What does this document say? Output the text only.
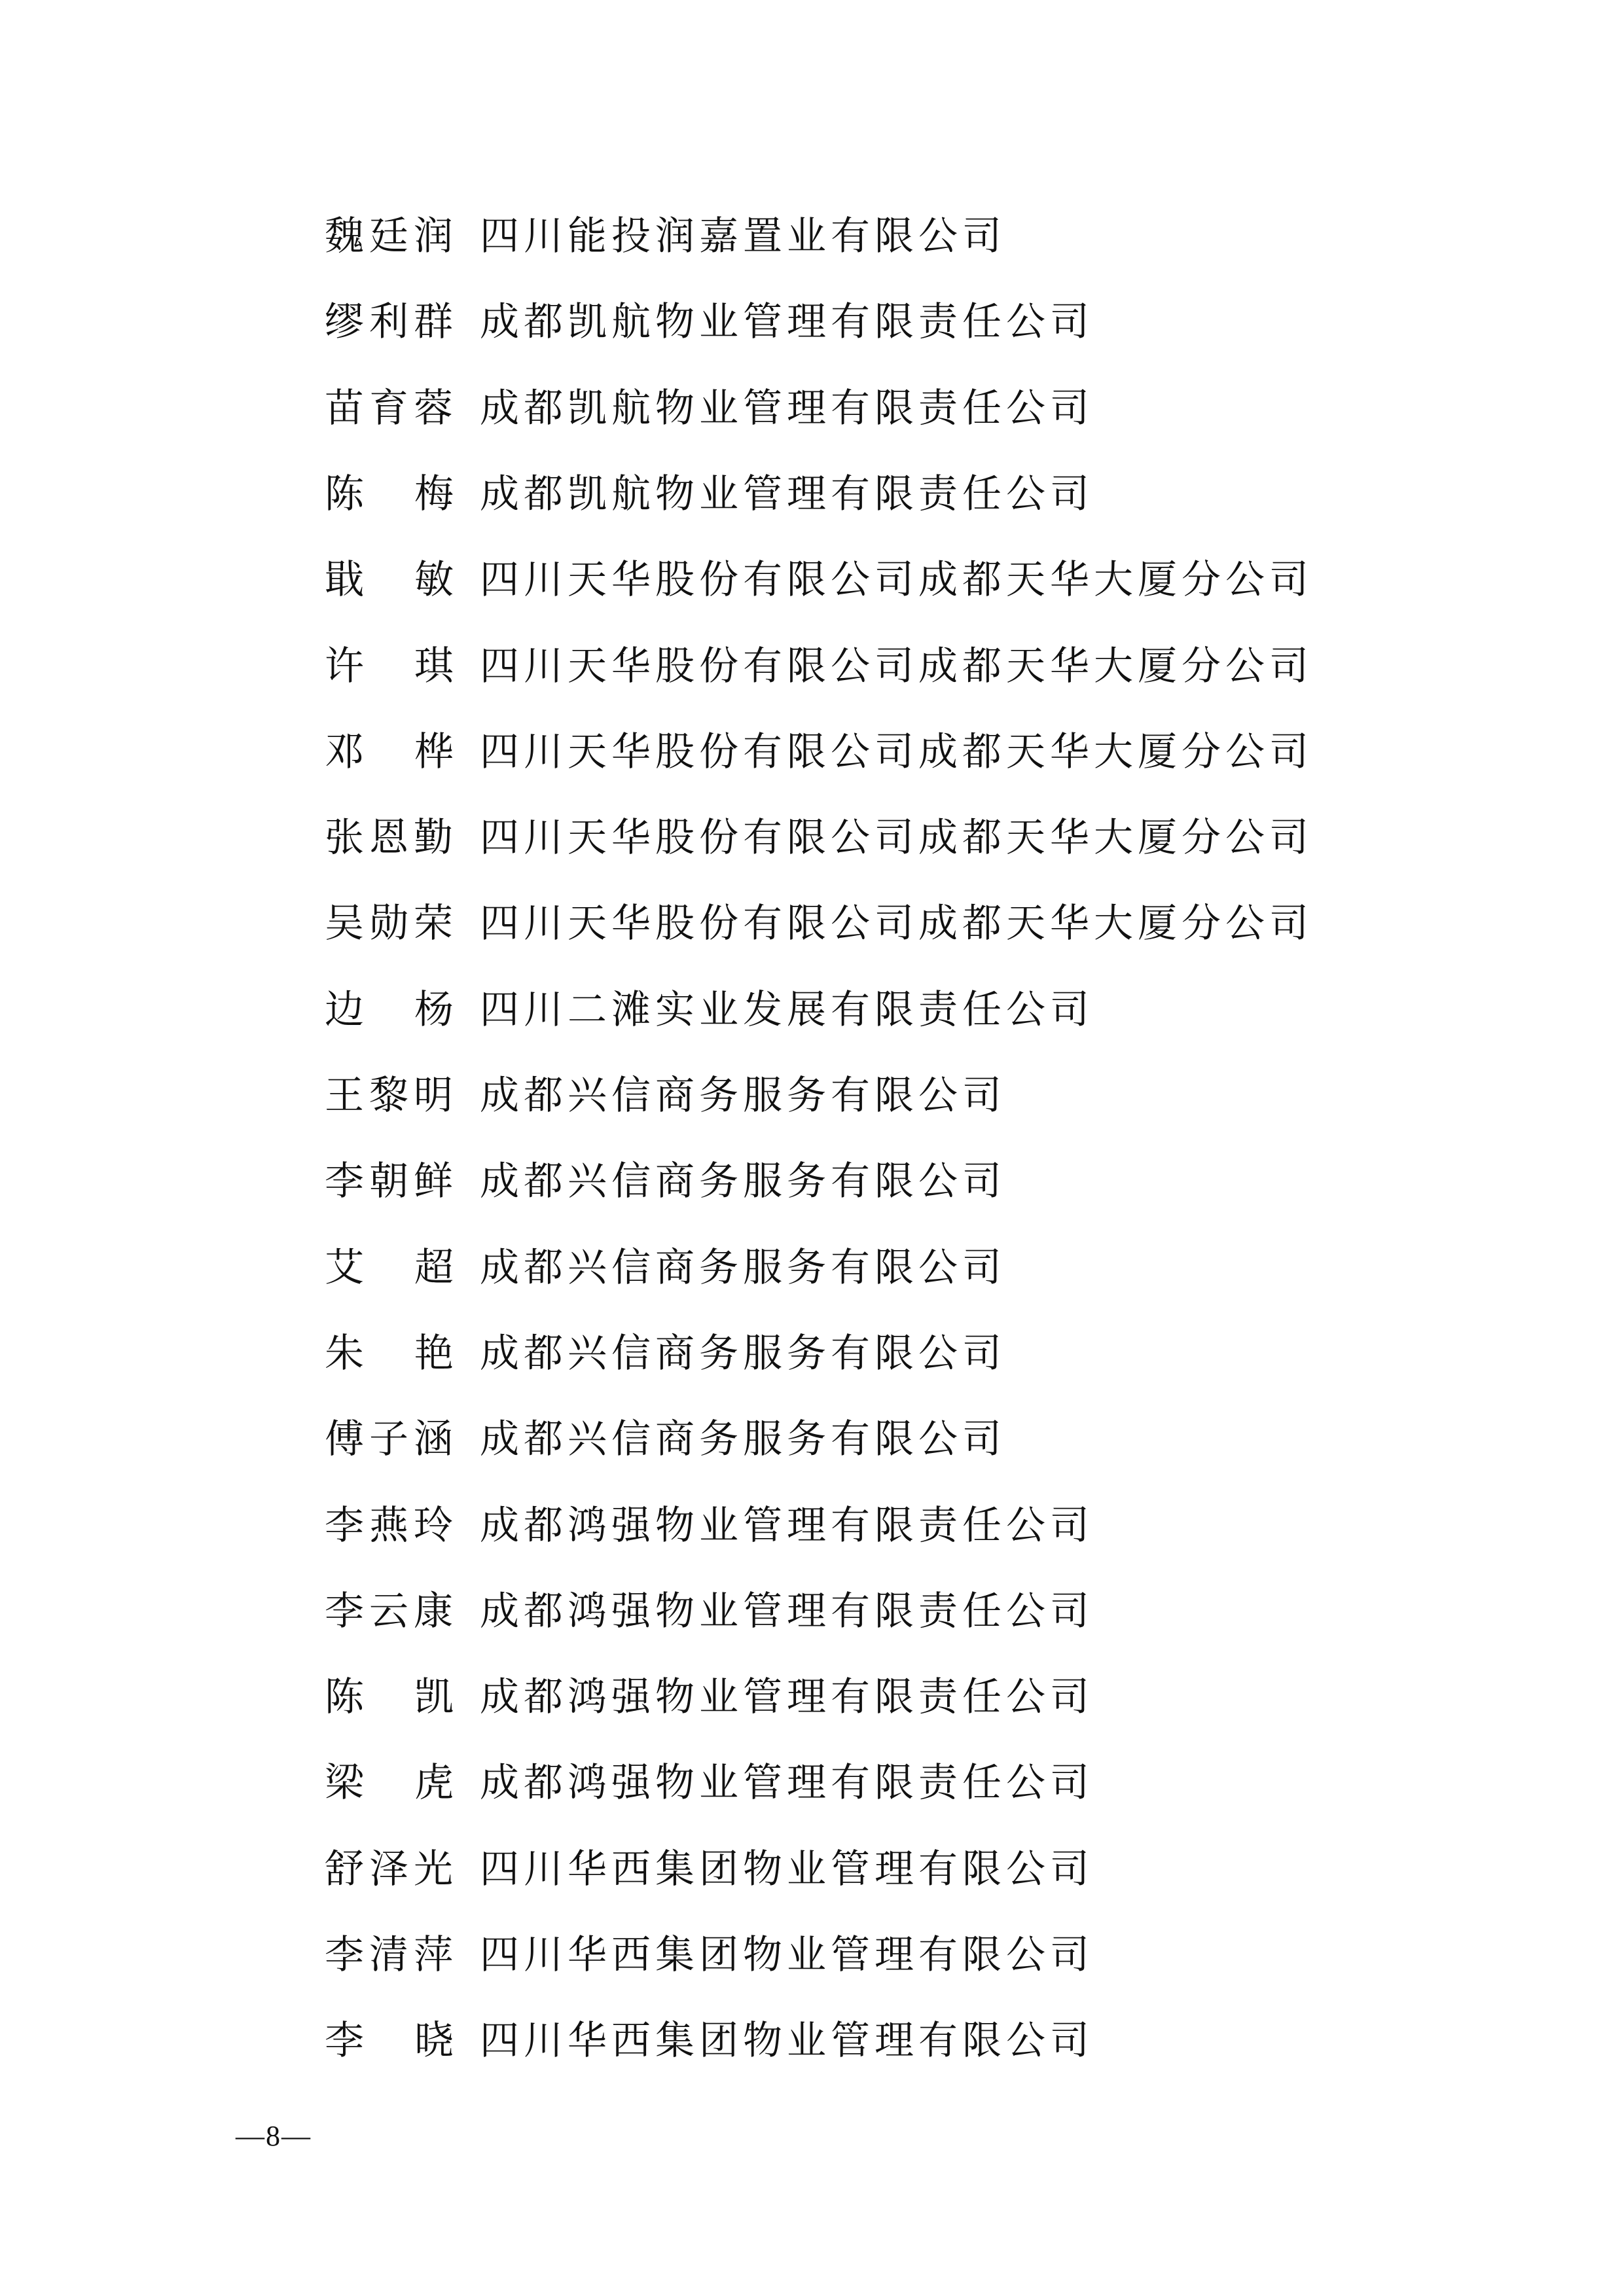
魏廷润 四川能投润嘉置业有限公司
缪利群 成都凯航物业管理有限责任公司
苗育蓉 成都凯航物业管理有限责任公司
陈梅
成都凯航物业管理有限责任公司
戢敏
四川天华股份有限公司成都天华大厦分公司
许琪
四川天华股份有限公司成都天华大厦分公司
邓桦
四川天华股份有限公司成都天华大厦分公司
张恩勤 四川天华股份有限公司成都天华大厦分公司
吴勋荣 四川天华股份有限公司成都天华大厦分公司
边杨
四川二滩实业发展有限责任公司
王黎明 成都兴信商务服务有限公司
李朝鲜 成都兴信商务服务有限公司
艾超
成都兴信商务服务有限公司
朱艳
成都兴信商务服务有限公司
傅子涵 成都兴信商务服务有限公司
李燕玲 成都鸿强物业管理有限责任公司
李云康 成都鸿强物业管理有限责任公司
陈凯
成都鸿强物业管理有限责任公司
梁虎
成都鸿强物业管理有限责任公司
舒泽光 四川华西集团物业管理有限公司
李清萍 四川华西集团物业管理有限公司
李晓
四川华西集团物业管理有限公司
—8—
